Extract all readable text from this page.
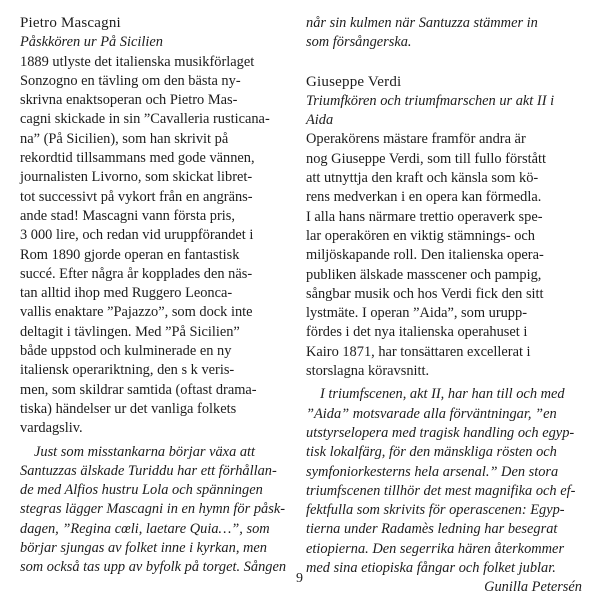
Pietro Mascagni
Påskkören ur På Sicilien
1889 utlyste det italienska musikförlaget
Sonzogno en tävling om den bästa ny-
skrivna enaktsoperan och Pietro Mas-
cagni skickade in sin ”Cavalleria rusticana-
na” (På Sicilien), som han skrivit på
rekordtid tillsammans med gode vännen,
journalisten Livorno, som skickat libret-
tot successivt på vykort från en angräns-
ande stad! Mascagni vann första pris,
3 000 lire, och redan vid uruppförandet i
Rom 1890 gjorde operan en fantastisk
succé. Efter några år kopplades den näs-
tan alltid ihop med Ruggero Leonca-
vallis enaktare ”Pajazzo”, som dock inte
deltagit i tävlingen. Med ”På Sicilien”
både uppstod och kulminerade en ny
italiensk operariktning, den s k veris-
men, som skildrar samtida (oftast drama-
tiska) händelser ur det vanliga folkets
vardagsliv.
Just som misstankarna börjar växa att
Santuzzas älskade Turiddu har ett förhållan-
de med Alfios hustru Lola och spänningen
stegras lägger Mascagni in en hymn för påsk-
dagen, ”Regina cœli, laetare Quia…”, som
börjar sjungas av folket inne i kyrkan, men
som också tas upp av byfolk på torget. Sången
når sin kulmen när Santuzza stämmer in
som försångerska.
Giuseppe Verdi
Triumfkören och triumfmarschen ur akt II i
Aida
Operakörens mästare framför andra är
nog Giuseppe Verdi, som till fullo förstått
att utnyttja den kraft och känsla som kö-
rens medverkan i en opera kan förmedla.
I alla hans närmare trettio operaverk spe-
lar operakören en viktig stämnings- och
miljöskapande roll. Den italienska opera-
publiken älskade masscener och pampig,
sångbar musik och hos Verdi fick den sitt
lystmäte. I operan ”Aida”, som urupp-
fördes i det nya italienska operahuset i
Kairo 1871, har tonsättaren excellerat i
storslagna köravsnitt.
I triumfscenen, akt II, har han till och med
”Aida” motsvarade alla förväntningar, ”en
utstyrselopera med tragisk handling och egyp-
tisk lokalfärg, för den mänskliga rösten och
symfoniorkesterns hela arsenal.” Den stora
triumfscenen tillhör det mest magnifika och ef-
fektfulla som skrivits för operascenen: Egyp-
tierna under Radamès ledning har besegrat
etiopierna. Den segerrika hären återkommer
med sina etiopiska fångar och folket jublar.
Gunilla Petersén
9
